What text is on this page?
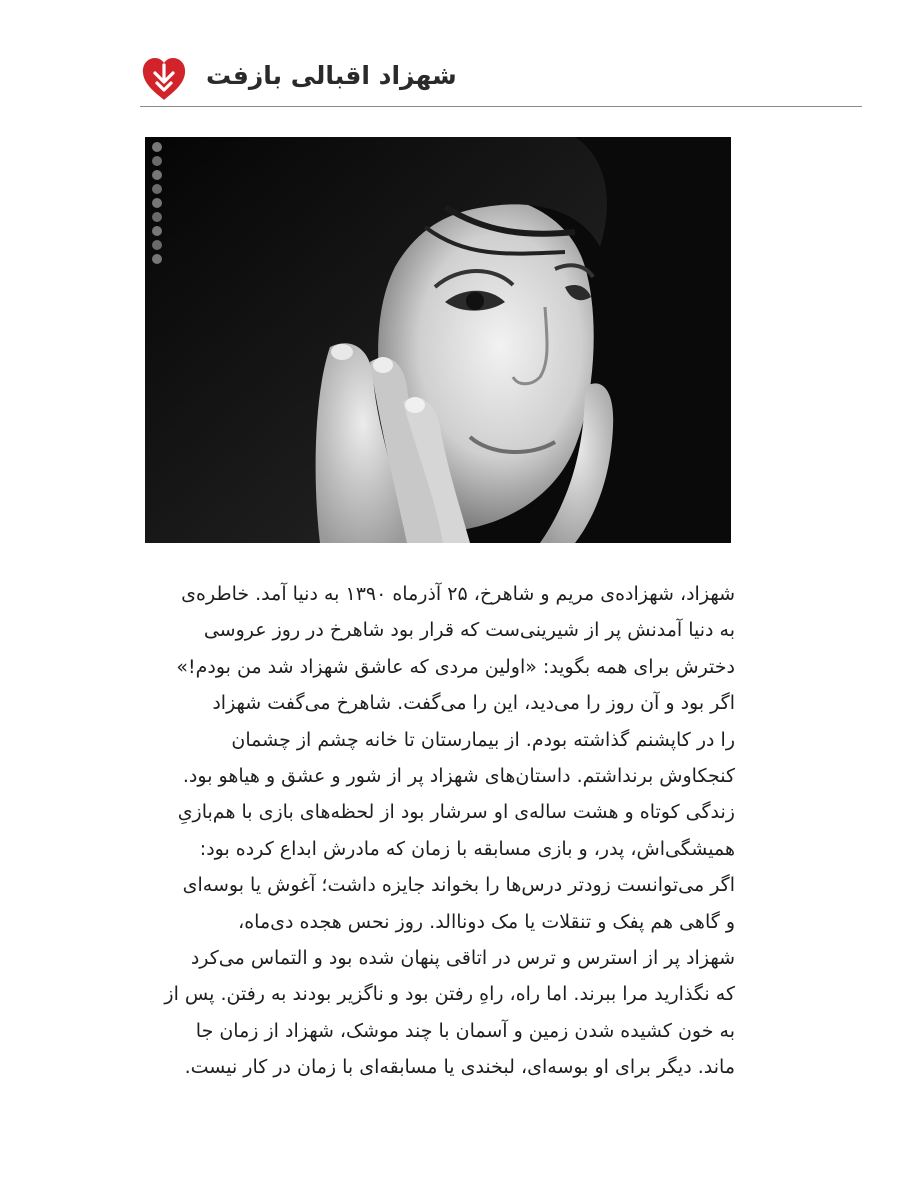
شهزاد اقبالی بازفت
شهزاد، شهزاده‌ی مریم و شاهرخ، ۲۵ آذرماه ۱۳۹۰ به دنیا آمد. خاطره‌ی
به دنیا آمدنش پر از شیرینی‌ست که قرار بود شاهرخ در روز عروسی
دخترش برای همه بگوید: «اولین مردی که عاشق شهزاد شد من بودم!»
اگر بود و آن روز را می‌دید، این را می‌گفت. شاهرخ می‌گفت شهزاد
را در کاپشنم گذاشته بودم. از بیمارستان تا خانه چشم از چشمان
کنجکاوش برنداشتم. داستان‌های شهزاد پر از شور و عشق و هیاهو بود.
زندگی کوتاه و هشت ساله‌ی او سرشار بود از لحظه‌های بازی با هم‌بازیِ
همیشگی‌اش، پدر، و بازی مسابقه با زمان که مادرش ابداع کرده بود:
اگر می‌توانست زودتر درس‌ها را بخواند جایزه داشت؛ آغوش یا بوسه‌ای
و گاهی هم پفک و تنقلات یا مک دوناالد. روز نحس هجده دی‌ماه،
شهزاد پر از استرس و ترس در اتاقی پنهان شده بود و التماس می‌کرد
که نگذارید مرا ببرند. اما راه، راهِ رفتن بود و ناگزیر بودند به رفتن. پس از
به خون کشیده شدن زمین و آسمان با چند موشک، شهزاد از زمان جا
ماند. دیگر برای او بوسه‌ای، لبخندی یا مسابقه‌ای با زمان در کار نیست.
